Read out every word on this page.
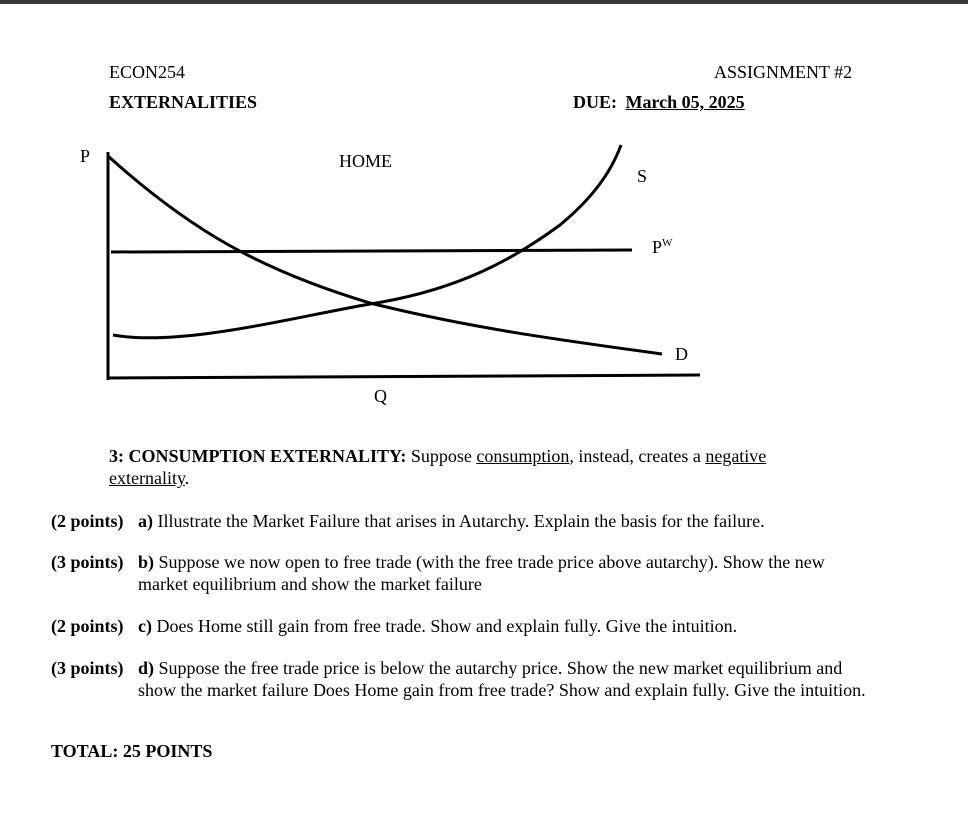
ECON254	ASSIGNMENT #2
EXTERNALITIES	DUE: March 05, 2025
P	HOME
S
$P^W$
D
Q
3: CONSUMPTION EXTERNALITY: Suppose consumption, instead, creates a negative
externality.
(2 points) a) Illustrate the Market Failure that arises in Autarchy. Explain the basis for the failure.
(3 points) b) Suppose we now open to free trade (with the free trade price above autarchy). Show the new market equilibrium and show the market failure
(2 points) c) Does Home still gain from free trade. Show and explain fully. Give the intuition.
(3 points) d) Suppose the free trade price is below the autarchy price. Show the new market equilibrium and show the market failure Does Home gain from free trade? Show and explain fully. Give the intuition.
TOTAL: 25 POINTS
